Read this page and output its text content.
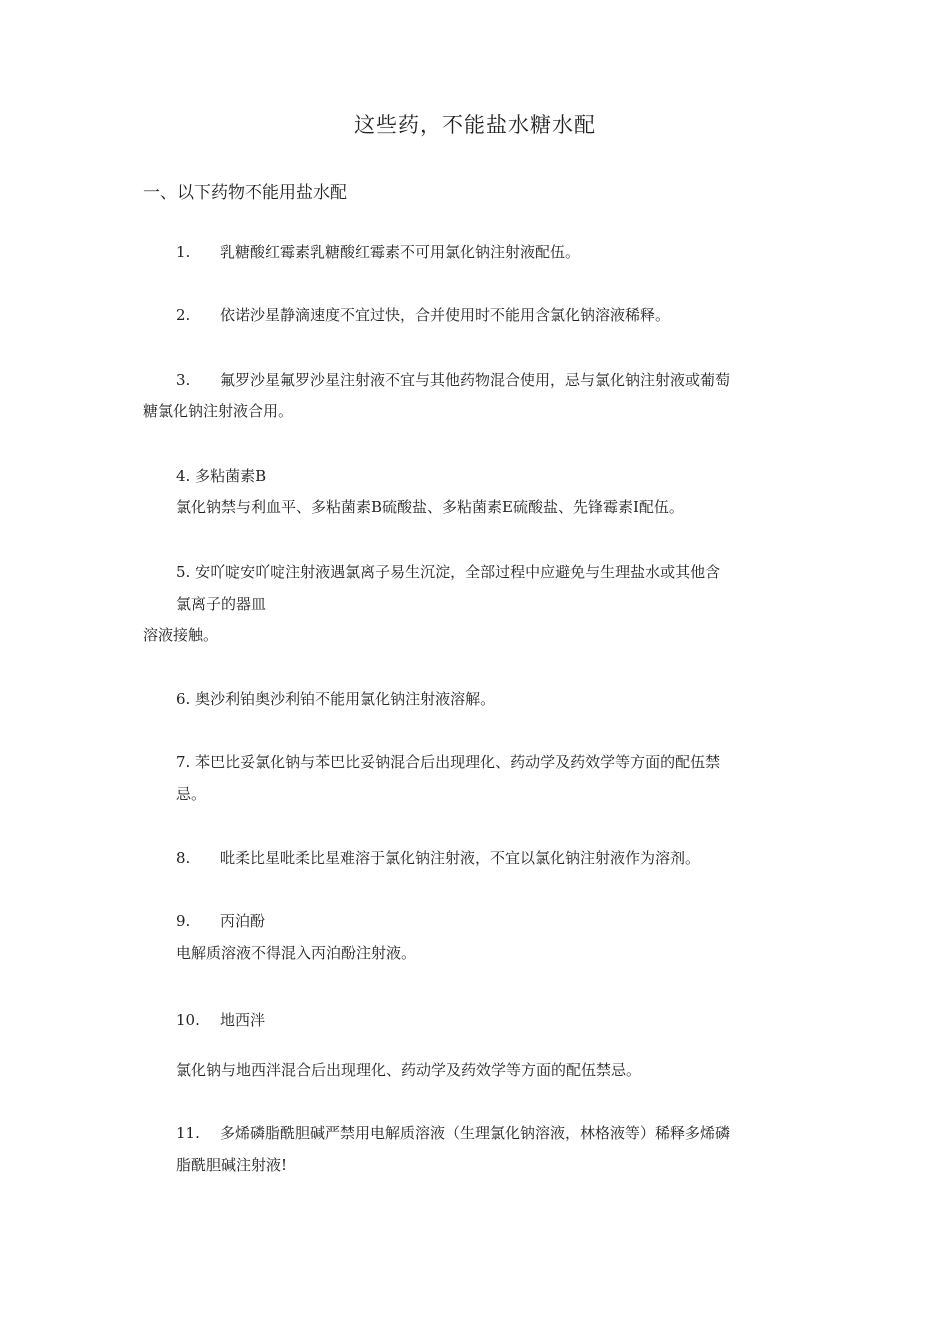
这些药，不能盐水糖水配
一、以下药物不能用盐水配
1. 乳糖酸红霉素乳糖酸红霉素不可用氯化钠注射液配伍。
2. 依诺沙星静滴速度不宜过快，合并使用时不能用含氯化钠溶液稀释。
3. 氟罗沙星氟罗沙星注射液不宜与其他药物混合使用，忌与氯化钠注射液或葡萄
糖氯化钠注射液合用。
4. 多粘菌素B
氯化钠禁与利血平、多粘菌素B硫酸盐、多粘菌素E硫酸盐、先锋霉素Ⅰ配伍。
5. 安吖啶安吖啶注射液遇氯离子易生沉淀，全部过程中应避免与生理盐水或其他含
氯离子的器皿
溶液接触。
6. 奥沙利铂奥沙利铂不能用氯化钠注射液溶解。
7. 苯巴比妥氯化钠与苯巴比妥钠混合后出现理化、药动学及药效学等方面的配伍禁
忌。
8. 吡柔比星吡柔比星难溶于氯化钠注射液，不宜以氯化钠注射液作为溶剂。
9. 丙泊酚
电解质溶液不得混入丙泊酚注射液。
10. 地西泮
氯化钠与地西泮混合后出现理化、药动学及药效学等方面的配伍禁忌。
11. 多烯磷脂酰胆碱严禁用电解质溶液（生理氯化钠溶液，林格液等）稀释多烯磷
脂酰胆碱注射液!
